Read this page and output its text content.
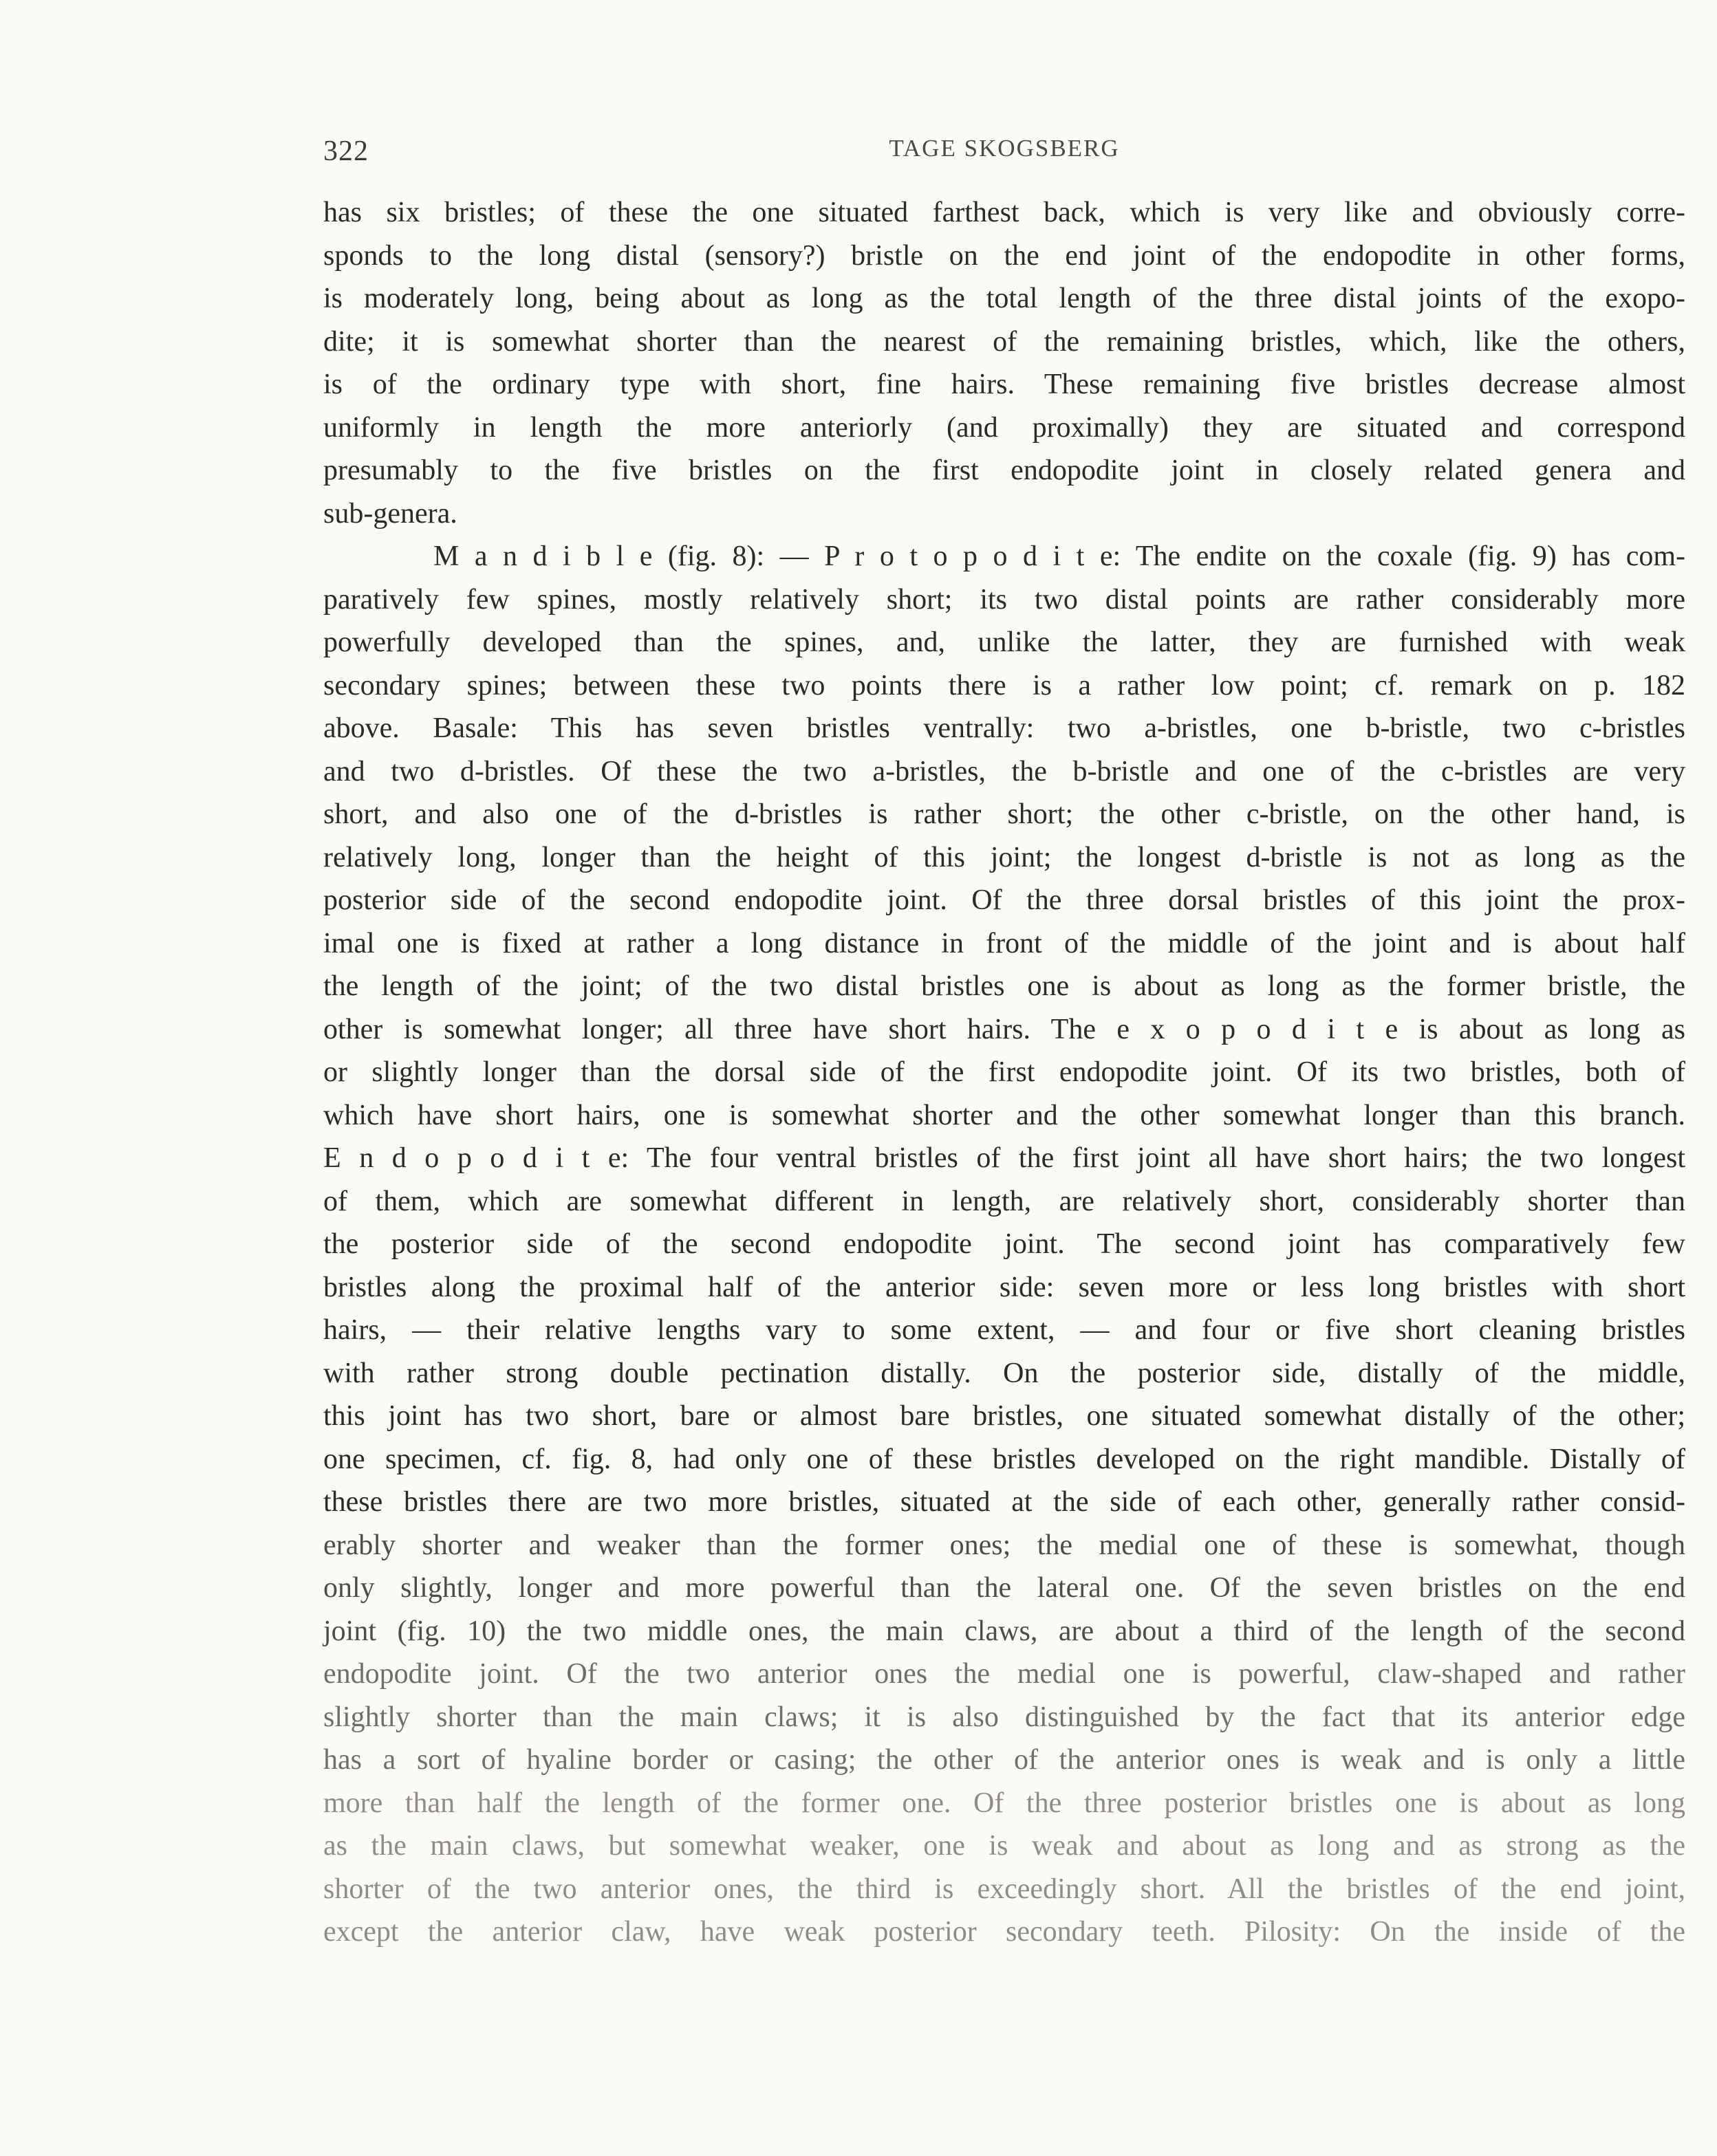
322	TAGE SKOGSBERG
has six bristles; of these the one situated farthest back, which is very like and obviously corre-
sponds to the long distal (sensory?) bristle on the end joint of the endopodite in other forms,
is moderately long, being about as long as the total length of the three distal joints of the exopo-
dite; it is somewhat shorter than the nearest of the remaining bristles, which, like the others,
is of the ordinary type with short, fine hairs. These remaining five bristles decrease almost
uniformly in length the more anteriorly (and proximally) they are situated and correspond
presumably to the five bristles on the first endopodite joint in closely related genera and
sub-genera.
M a n d i b l e (fig. 8): — P r o t o p o d i t e: The endite on the coxale (fig. 9) has com-
paratively few spines, mostly relatively short; its two distal points are rather considerably more
powerfully developed than the spines, and, unlike the latter, they are furnished with weak
secondary spines; between these two points there is a rather low point; cf. remark on p. 182
above. Basale: This has seven bristles ventrally: two a-bristles, one b-bristle, two c-bristles
and two d-bristles. Of these the two a-bristles, the b-bristle and one of the c-bristles are very
short, and also one of the d-bristles is rather short; the other c-bristle, on the other hand, is
relatively long, longer than the height of this joint; the longest d-bristle is not as long as the
posterior side of the second endopodite joint. Of the three dorsal bristles of this joint the prox-
imal one is fixed at rather a long distance in front of the middle of the joint and is about half
the length of the joint; of the two distal bristles one is about as long as the former bristle, the
other is somewhat longer; all three have short hairs. The e x o p o d i t e is about as long as
or slightly longer than the dorsal side of the first endopodite joint. Of its two bristles, both of
which have short hairs, one is somewhat shorter and the other somewhat longer than this branch.
E n d o p o d i t e: The four ventral bristles of the first joint all have short hairs; the two longest
of them, which are somewhat different in length, are relatively short, considerably shorter than
the posterior side of the second endopodite joint. The second joint has comparatively few
bristles along the proximal half of the anterior side: seven more or less long bristles with short
hairs, — their relative lengths vary to some extent, — and four or five short cleaning bristles
with rather strong double pectination distally. On the posterior side, distally of the middle,
this joint has two short, bare or almost bare bristles, one situated somewhat distally of the other;
one specimen, cf. fig. 8, had only one of these bristles developed on the right mandible. Distally of
these bristles there are two more bristles, situated at the side of each other, generally rather consid-
erably shorter and weaker than the former ones; the medial one of these is somewhat, though
only slightly, longer and more powerful than the lateral one. Of the seven bristles on the end
joint (fig. 10) the two middle ones, the main claws, are about a third of the length of the second
endopodite joint. Of the two anterior ones the medial one is powerful, claw-shaped and rather
slightly shorter than the main claws; it is also distinguished by the fact that its anterior edge
has a sort of hyaline border or casing; the other of the anterior ones is weak and is only a little
more than half the length of the former one. Of the three posterior bristles one is about as long
as the main claws, but somewhat weaker, one is weak and about as long and as strong as the
shorter of the two anterior ones, the third is exceedingly short. All the bristles of the end joint,
except the anterior claw, have weak posterior secondary teeth. Pilosity: On the inside of the
